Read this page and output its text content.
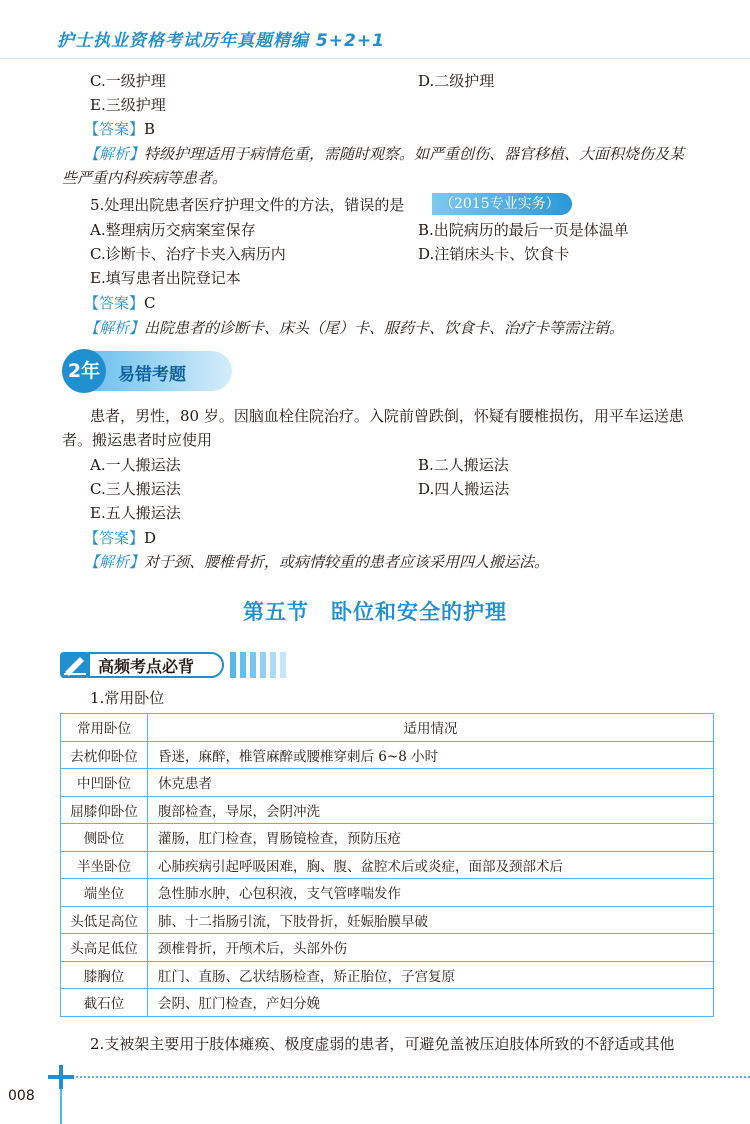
护士执业资格考试历年真题精编 5+2+1
C.一级护理	D.二级护理
E.三级护理
【答案】B
【解析】特级护理适用于病情危重，需随时观察。如严重创伤、器官移植、大面积烧伤及某
些严重内科疾病等患者。
5.处理出院患者医疗护理文件的方法，错误的是	（2015专业实务）
A.整理病历交病案室保存	B.出院病历的最后一页是体温单
C.诊断卡、治疗卡夹入病历内	D.注销床头卡、饮食卡
E.填写患者出院登记本
【答案】C
【解析】出院患者的诊断卡、床头（尾）卡、服药卡、饮食卡、治疗卡等需注销。
2年	易错考题
患者，男性，80 岁。因脑血栓住院治疗。入院前曾跌倒，怀疑有腰椎损伤，用平车运送患
者。搬运患者时应使用
A.一人搬运法	B.二人搬运法
C.三人搬运法	D.四人搬运法
E.五人搬运法
【答案】D
【解析】对于颈、腰椎骨折，或病情较重的患者应该采用四人搬运法。
第五节　卧位和安全的护理
高频考点必背
1.常用卧位
常用卧位	适用情况
去枕仰卧位	昏迷，麻醉，椎管麻醉或腰椎穿刺后 6~8 小时
中凹卧位	休克患者
屈膝仰卧位	腹部检查，导尿，会阴冲洗
侧卧位	灌肠，肛门检查，胃肠镜检查，预防压疮
半坐卧位	心肺疾病引起呼吸困难，胸、腹、盆腔术后或炎症，面部及颈部术后
端坐位	急性肺水肿，心包积液，支气管哮喘发作
头低足高位	肺、十二指肠引流，下肢骨折，妊娠胎膜早破
头高足低位	颈椎骨折，开颅术后，头部外伤
膝胸位	肛门、直肠、乙状结肠检查，矫正胎位，子宫复原
截石位	会阴、肛门检查，产妇分娩
2.支被架主要用于肢体瘫痪、极度虚弱的患者，可避免盖被压迫肢体所致的不舒适或其他
008
